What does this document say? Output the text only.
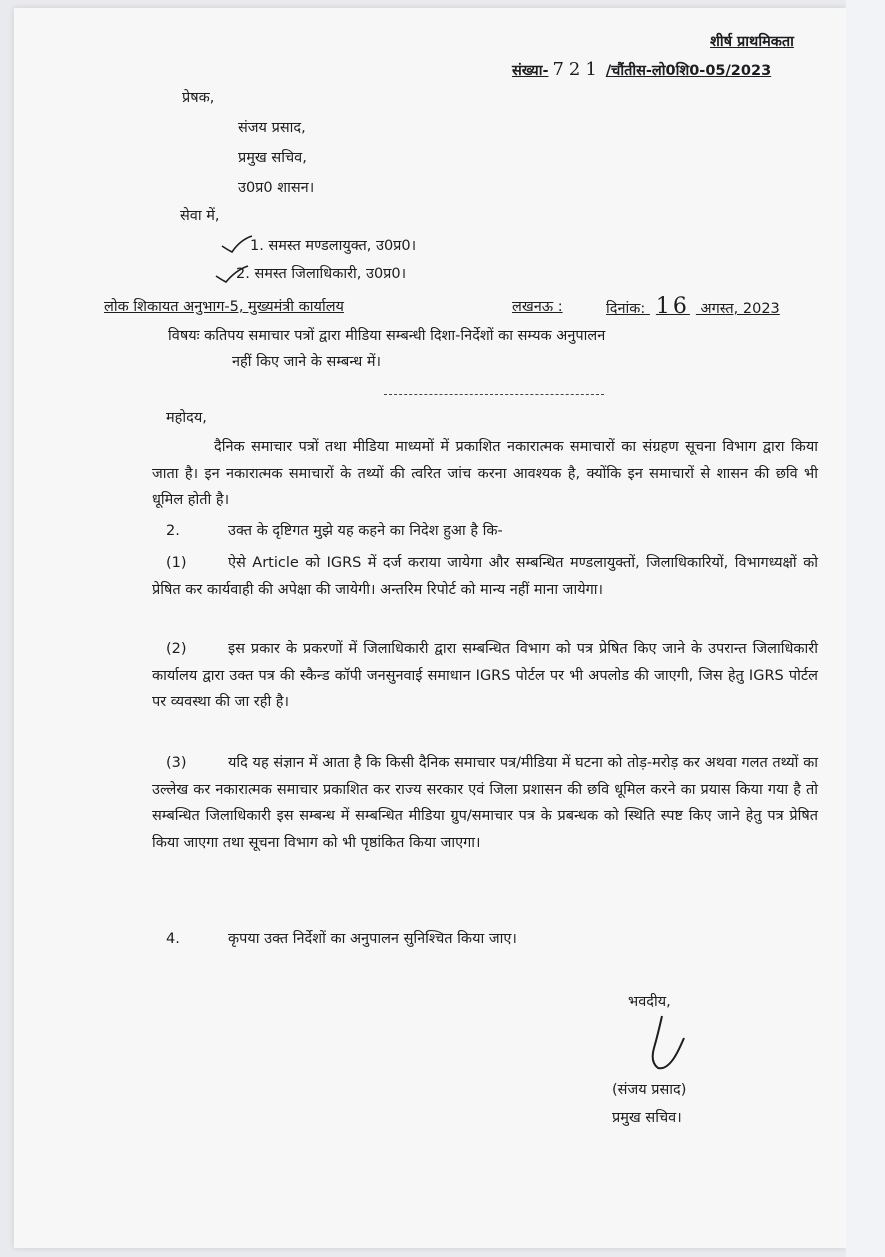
शीर्ष प्राथमिकता
संख्या- 721 /चौंतीस-लो0शि0-05/2023
प्रेषक,
संजय प्रसाद,
प्रमुख सचिव,
उ0प्र0 शासन।
सेवा में,
1. समस्त मण्डलायुक्त, उ0प्र0।
2. समस्त जिलाधिकारी, उ0प्र0।
लोक शिकायत अनुभाग-5, मुख्यमंत्री कार्यालय	लखनऊ :	दिनांक: 16 अगस्त, 2023
विषयः कतिपय समाचार पत्रों द्वारा मीडिया सम्बन्धी दिशा-निर्देशों का सम्यक अनुपालन
नहीं किए जाने के सम्बन्ध में।
महोदय,
दैनिक समाचार पत्रों तथा मीडिया माध्यमों में प्रकाशित नकारात्मक समाचारों का संग्रहण सूचना विभाग द्वारा किया जाता है। इन नकारात्मक समाचारों के तथ्यों की त्वरित जांच करना आवश्यक है, क्योंकि इन समाचारों से शासन की छवि भी धूमिल होती है।
2.	उक्त के दृष्टिगत मुझे यह कहने का निदेश हुआ है कि-
(1)	ऐसे Article को IGRS में दर्ज कराया जायेगा और सम्बन्धित मण्डलायुक्तों, जिलाधिकारियों, विभागध्यक्षों को प्रेषित कर कार्यवाही की अपेक्षा की जायेगी। अन्तरिम रिपोर्ट को मान्य नहीं माना जायेगा।
(2)	इस प्रकार के प्रकरणों में जिलाधिकारी द्वारा सम्बन्धित विभाग को पत्र प्रेषित किए जाने के उपरान्त जिलाधिकारी कार्यालय द्वारा उक्त पत्र की स्कैन्ड कॉपी जनसुनवाई समाधान IGRS पोर्टल पर भी अपलोड की जाएगी, जिस हेतु IGRS पोर्टल पर व्यवस्था की जा रही है।
(3)	यदि यह संज्ञान में आता है कि किसी दैनिक समाचार पत्र/मीडिया में घटना को तोड़-मरोड़ कर अथवा गलत तथ्यों का उल्लेख कर नकारात्मक समाचार प्रकाशित कर राज्य सरकार एवं जिला प्रशासन की छवि धूमिल करने का प्रयास किया गया है तो सम्बन्धित जिलाधिकारी इस सम्बन्ध में सम्बन्धित मीडिया ग्रुप/समाचार पत्र के प्रबन्धक को स्थिति स्पष्ट किए जाने हेतु पत्र प्रेषित किया जाएगा तथा सूचना विभाग को भी पृष्ठांकित किया जाएगा।
4.	कृपया उक्त निर्देशों का अनुपालन सुनिश्चित किया जाए।
भवदीय,
(संजय प्रसाद)
प्रमुख सचिव।
